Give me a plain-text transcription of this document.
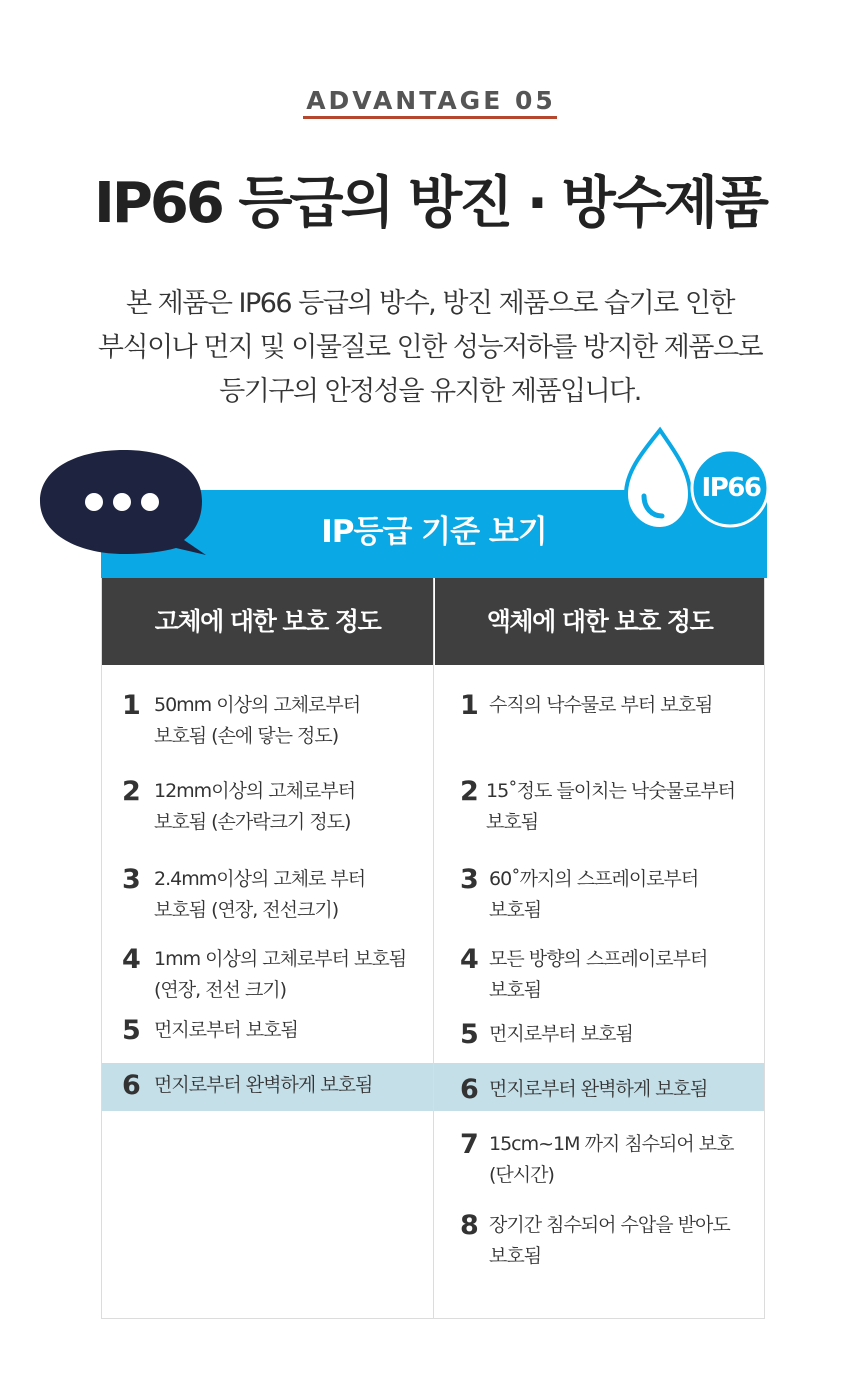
ADVANTAGE 05
IP66 등급의 방진 · 방수제품
본 제품은 IP66 등급의 방수, 방진 제품으로 습기로 인한
부식이나 먼지 및 이물질로 인한 성능저하를 방지한 제품으로
등기구의 안정성을 유지한 제품입니다.
IP등급 기준 보기
IP66
고체에 대한 보호 정도
1 50mm 이상의 고체로부터
보호됨 (손에 닿는 정도)
2 12mm이상의 고체로부터
보호됨 (손가락크기 정도)
3 2.4mm이상의 고체로 부터
보호됨 (연장, 전선크기)
4 1mm 이상의 고체로부터 보호됨
(연장, 전선 크기)
5 먼지로부터 보호됨
6 먼지로부터 완벽하게 보호됨
액체에 대한 보호 정도
1 수직의 낙수물로 부터 보호됨
2 15˚정도 들이치는 낙숫물로부터
보호됨
3 60˚까지의 스프레이로부터
보호됨
4 모든 방향의 스프레이로부터
보호됨
5 먼지로부터 보호됨
6 먼지로부터 완벽하게 보호됨
7 15cm~1M 까지 침수되어 보호
(단시간)
8 장기간 침수되어 수압을 받아도
보호됨
